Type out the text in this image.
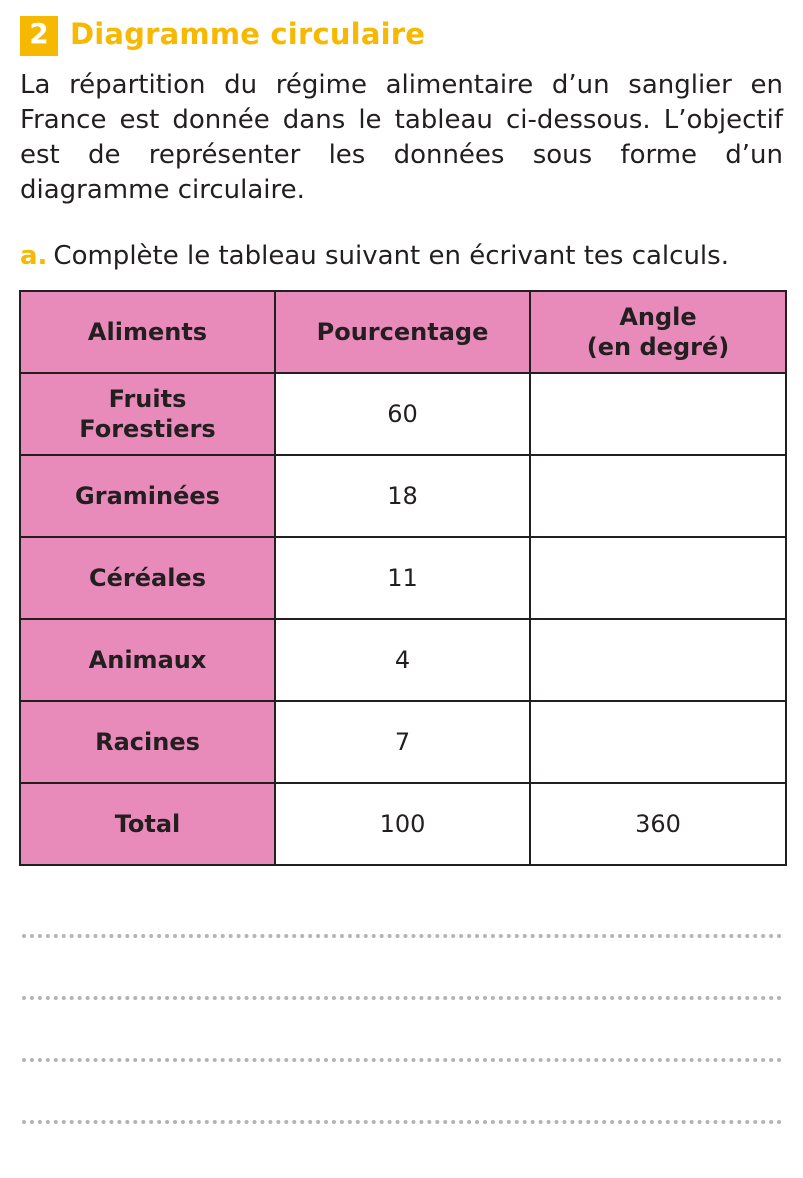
2 Diagramme circulaire

La répartition du régime alimentaire d’un sanglier en France est donnée dans le tableau ci-dessous. L’objectif est de représenter les données sous forme d’un diagramme circulaire.

a. Complète le tableau suivant en écrivant tes calculs.

Aliments	Pourcentage	Angle
(en degré)
Fruits
Forestiers	60	
Graminées	18	
Céréales	11	
Animaux	4	
Racines	7	
Total	100	360
